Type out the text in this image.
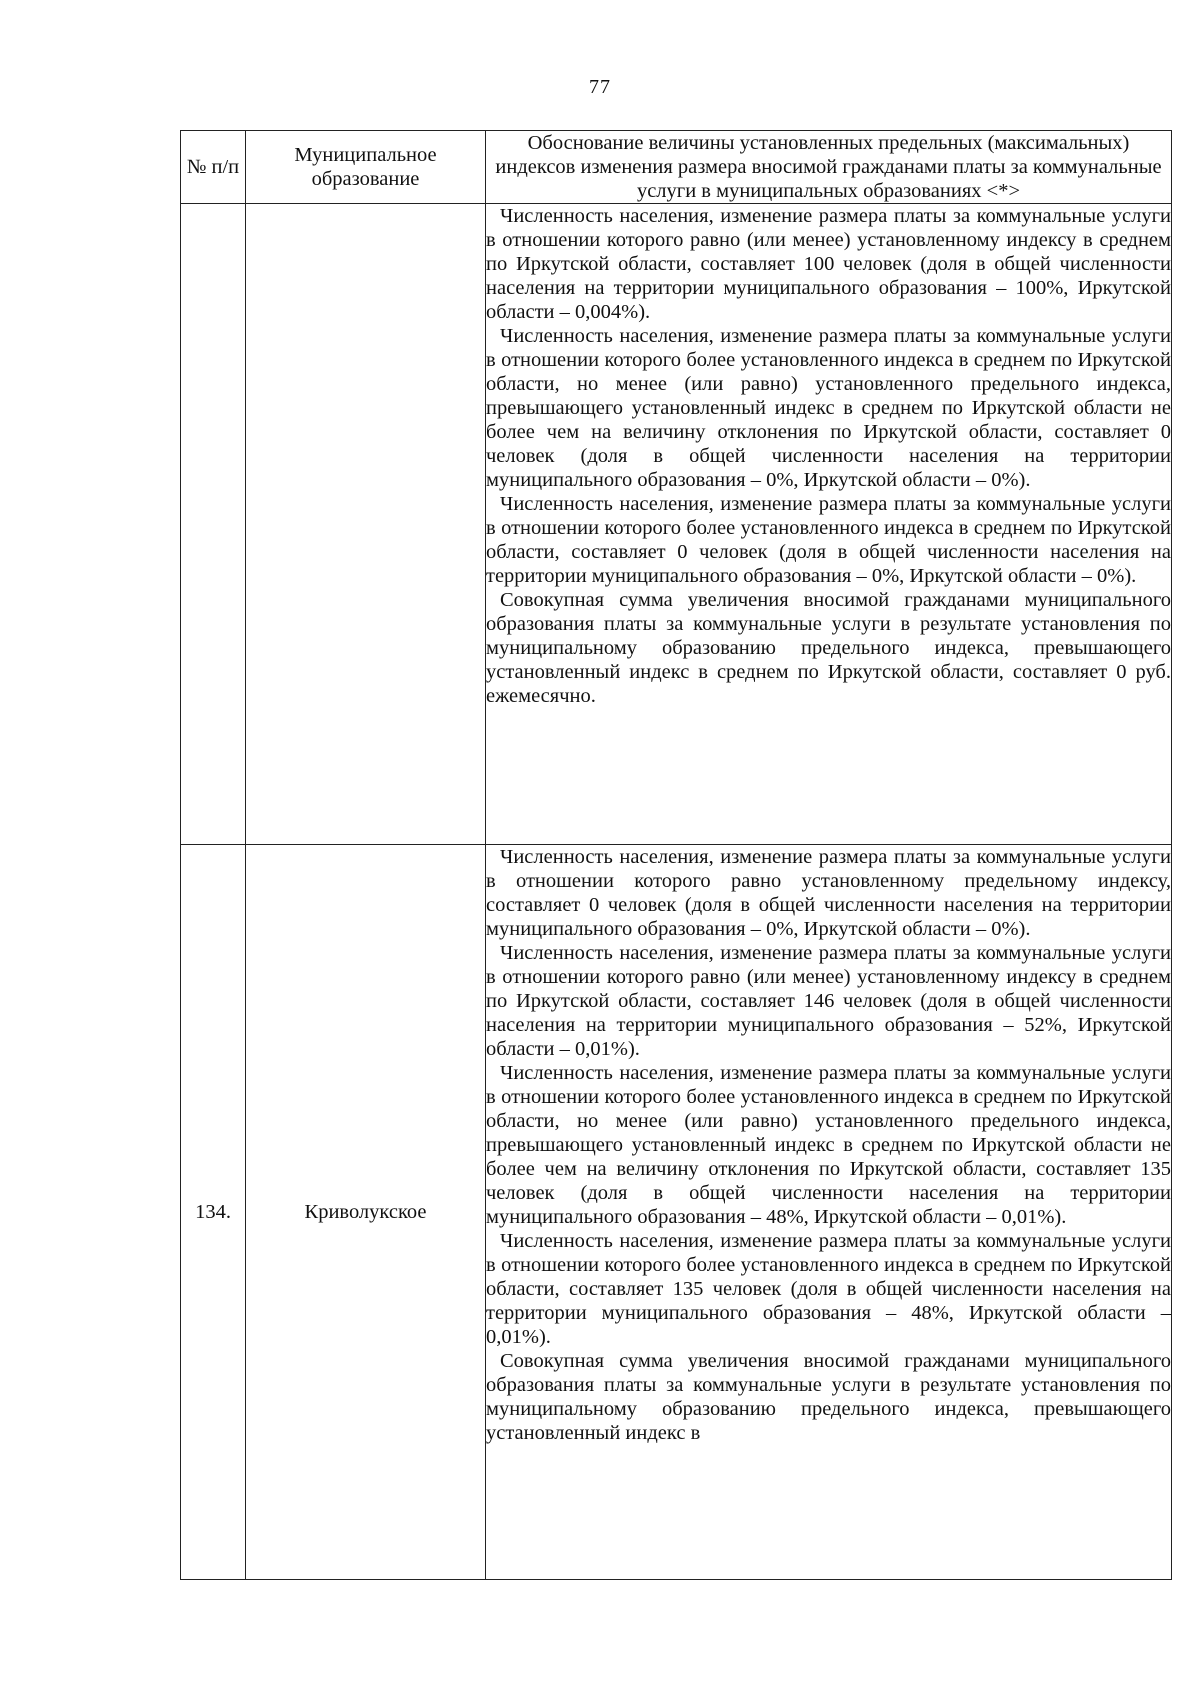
77
№ п/п	Муниципальное образование	Обоснование величины установленных предельных (максимальных) индексов изменения размера вносимой гражданами платы за коммунальные услуги в муниципальных образованиях <*>

		Численность населения, изменение размера платы за коммунальные услуги в отношении которого равно (или менее) установленному индексу в среднем по Иркутской области, составляет 100 человек (доля в общей численности населения на территории муниципального образования – 100%, Иркутской области – 0,004%).

Численность населения, изменение размера платы за коммунальные услуги в отношении которого более установленного индекса в среднем по Иркутской области, но менее (или равно) установленного предельного индекса, превышающего установленный индекс в среднем по Иркутской области не более чем на величину отклонения по Иркутской области, составляет 0 человек (доля в общей численности населения на территории муниципального образования – 0%, Иркутской области – 0%).

Численность населения, изменение размера платы за коммунальные услуги в отношении которого более установленного индекса в среднем по Иркутской области, составляет 0 человек (доля в общей численности населения на территории муниципального образования – 0%, Иркутской области – 0%).

Совокупная сумма увеличения вносимой гражданами муниципального образования платы за коммунальные услуги в результате установления по муниципальному образованию предельного индекса, превышающего установленный индекс в среднем по Иркутской области, составляет 0 руб. ежемесячно.

134.	Криволукское	Численность населения, изменение размера платы за коммунальные услуги в отношении которого равно установленному предельному индексу, составляет 0 человек (доля в общей численности населения на территории муниципального образования – 0%, Иркутской области – 0%).

Численность населения, изменение размера платы за коммунальные услуги в отношении которого равно (или менее) установленному индексу в среднем по Иркутской области, составляет 146 человек (доля в общей численности населения на территории муниципального образования – 52%, Иркутской области – 0,01%).

Численность населения, изменение размера платы за коммунальные услуги в отношении которого более установленного индекса в среднем по Иркутской области, но менее (или равно) установленного предельного индекса, превышающего установленный индекс в среднем по Иркутской области не более чем на величину отклонения по Иркутской области, составляет 135 человек (доля в общей численности населения на территории муниципального образования – 48%, Иркутской области – 0,01%).

Численность населения, изменение размера платы за коммунальные услуги в отношении которого более установленного индекса в среднем по Иркутской области, составляет 135 человек (доля в общей численности населения на территории муниципального образования – 48%, Иркутской области – 0,01%).

Совокупная сумма увеличения вносимой гражданами муниципального образования платы за коммунальные услуги в результате установления по муниципальному образованию предельного индекса, превышающего установленный индекс в
